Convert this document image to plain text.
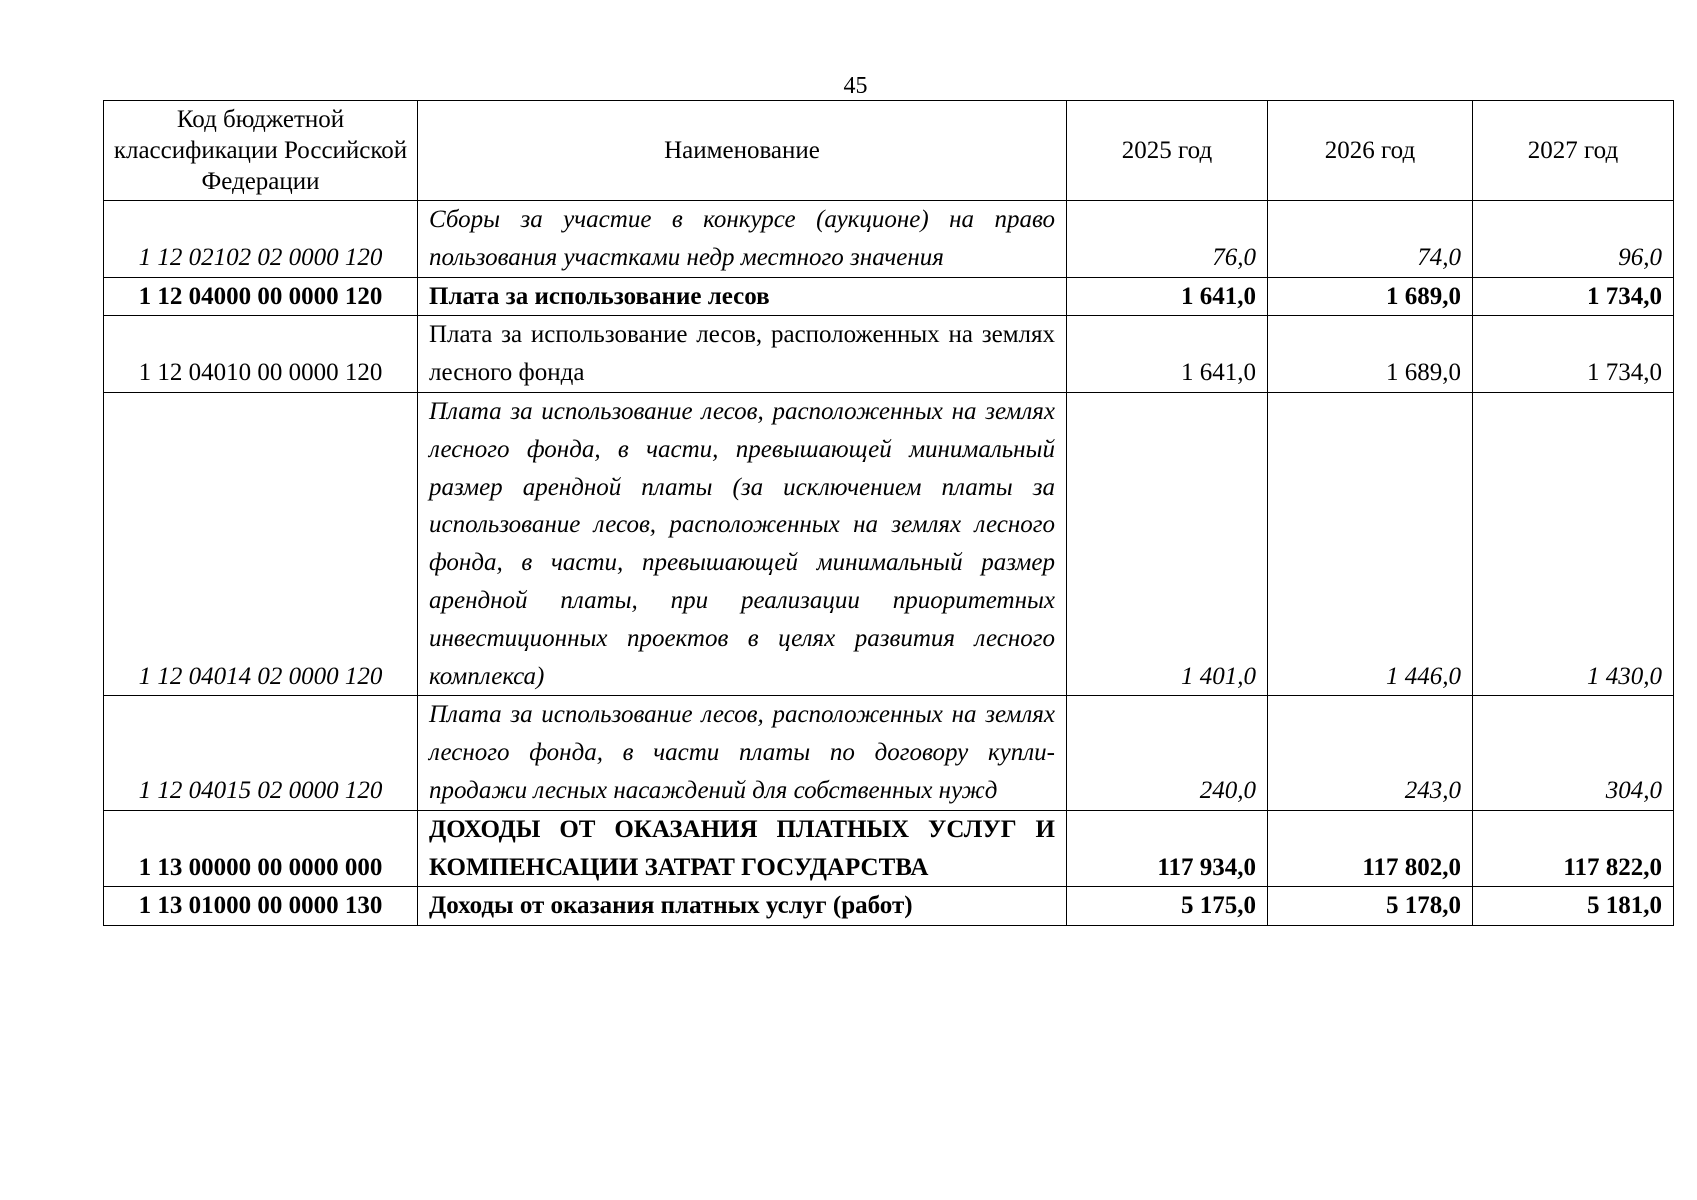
45
Код бюджетной классификации Российской Федерации	Наименование	2025 год	2026 год	2027 год
1 12 02102 02 0000 120	Сборы за участие в конкурсе (аукционе) на право пользования участками недр местного значения	76,0	74,0	96,0
1 12 04000 00 0000 120	Плата за использование лесов	1 641,0	1 689,0	1 734,0
1 12 04010 00 0000 120	Плата за использование лесов, расположенных на землях лесного фонда	1 641,0	1 689,0	1 734,0
1 12 04014 02 0000 120	Плата за использование лесов, расположенных на землях лесного фонда, в части, превышающей минимальный размер арендной платы (за исключением платы за использование лесов, расположенных на землях лесного фонда, в части, превышающей минимальный размер арендной платы, при реализации приоритетных инвестиционных проектов в целях развития лесного комплекса)	1 401,0	1 446,0	1 430,0
1 12 04015 02 0000 120	Плата за использование лесов, расположенных на землях лесного фонда, в части платы по договору купли-продажи лесных насаждений для собственных нужд	240,0	243,0	304,0
1 13 00000 00 0000 000	ДОХОДЫ ОТ ОКАЗАНИЯ ПЛАТНЫХ УСЛУГ И КОМПЕНСАЦИИ ЗАТРАТ ГОСУДАРСТВА	117 934,0	117 802,0	117 822,0
1 13 01000 00 0000 130	Доходы от оказания платных услуг (работ)	5 175,0	5 178,0	5 181,0
